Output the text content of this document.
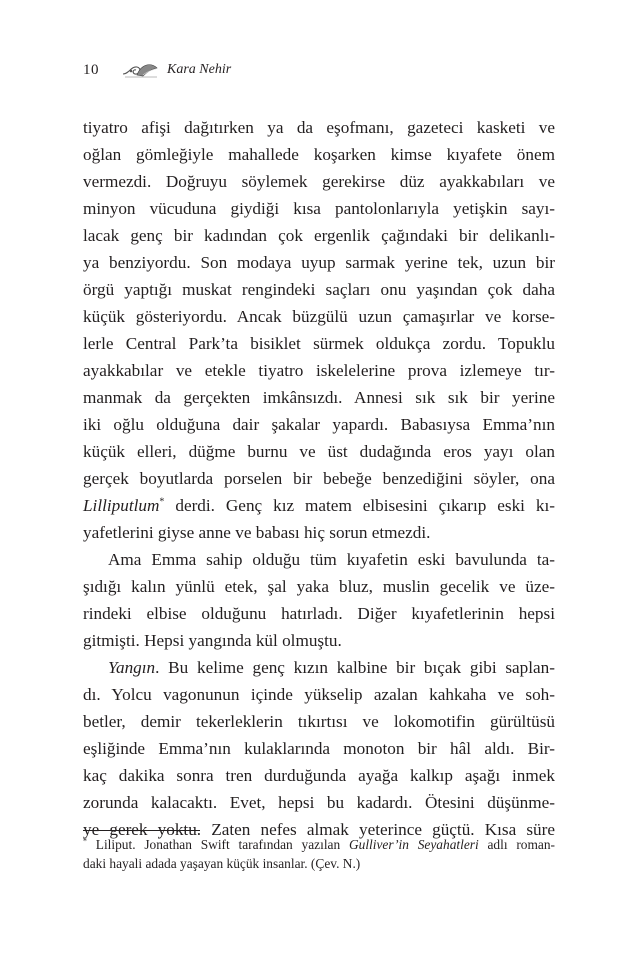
10	Kara Nehir
tiyatro afişi dağıtırken ya da eşofmanı, gazeteci kasketi ve
oğlan gömleğiyle mahallede koşarken kimse kıyafete önem
vermezdi. Doğruyu söylemek gerekirse düz ayakkabıları ve
minyon vücuduna giydiği kısa pantolonlarıyla yetişkin sayı-
lacak genç bir kadından çok ergenlik çağındaki bir delikanlı-
ya benziyordu. Son modaya uyup sarmak yerine tek, uzun bir
örgü yaptığı muskat rengindeki saçları onu yaşından çok daha
küçük gösteriyordu. Ancak büzgülü uzun çamaşırlar ve korse-
lerle Central Park’ta bisiklet sürmek oldukça zordu. Topuklu
ayakkabılar ve etekle tiyatro iskelelerine prova izlemeye tır-
manmak da gerçekten imkânsızdı. Annesi sık sık bir yerine
iki oğlu olduğuna dair şakalar yapardı. Babasıysa Emma’nın
küçük elleri, düğme burnu ve üst dudağında eros yayı olan
gerçek boyutlarda porselen bir bebeğe benzediğini söyler, ona
Lilliputlum* derdi. Genç kız matem elbisesini çıkarıp eski kı-
yafetlerini giyse anne ve babası hiç sorun etmezdi.
Ama Emma sahip olduğu tüm kıyafetin eski bavulunda ta-
şıdığı kalın yünlü etek, şal yaka bluz, muslin gecelik ve üze-
rindeki elbise olduğunu hatırladı. Diğer kıyafetlerinin hepsi
gitmişti. Hepsi yangında kül olmuştu.
Yangın. Bu kelime genç kızın kalbine bir bıçak gibi saplan-
dı. Yolcu vagonunun içinde yükselip azalan kahkaha ve soh-
betler, demir tekerleklerin tıkırtısı ve lokomotifin gürültüsü
eşliğinde Emma’nın kulaklarında monoton bir hâl aldı. Bir-
kaç dakika sonra tren durduğunda ayağa kalkıp aşağı inmek
zorunda kalacaktı. Evet, hepsi bu kadardı. Ötesini düşünme-
ye gerek yoktu. Zaten nefes almak yeterince güçtü. Kısa süre
* Liliput. Jonathan Swift tarafından yazılan Gulliver’in Seyahatleri adlı roman-
daki hayali adada yaşayan küçük insanlar. (Çev. N.)
